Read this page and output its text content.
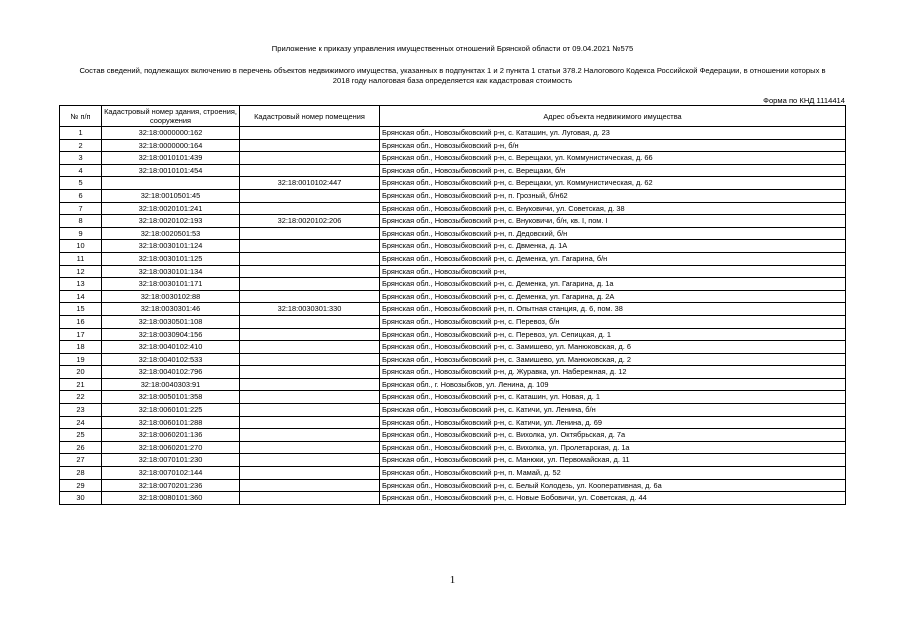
Приложение к приказу управления имущественных отношений Брянской области от 09.04.2021 №575
Состав сведений, подлежащих включению в перечень объектов недвижимого имущества, указанных в подпунктах 1 и 2 пункта 1 статьи 378.2 Налогового Кодекса Российской Федерации, в отношении которых в 2018 году налоговая база определяется как кадастровая стоимость
Форма по КНД 1114414
№ п/п	Кадастровый номер здания, строения, сооружения	Кадастровый номер помещения	Адрес объекта недвижимого имущества
1	32:18:0000000:162		Брянская обл., Новозыбковский р-н, с. Каташин, ул. Луговая, д. 23
2	32:18:0000000:164		Брянская обл., Новозыбковский р-н, б/н
3	32:18:0010101:439		Брянская обл., Новозыбковский р-н, с. Верещаки, ул. Коммунистическая, д. 66
4	32:18:0010101:454		Брянская обл., Новозыбковский р-н, с. Верещаки, б/н
5		32:18:0010102:447	Брянская обл., Новозыбковский р-н, с. Верещаки, ул. Коммунистическая, д. 62
6	32:18:0010501:45		Брянская обл., Новозыбковский р-н, п. Грозный, б/н62
7	32:18:0020101:241		Брянская обл., Новозыбковский р-н, с. Внуковичи, ул. Советская, д. 38
8	32:18:0020102:193	32:18:0020102:206	Брянская обл., Новозыбковский р-н, с. Внуковичи, б/н, кв. I, пом. I
9	32:18:0020501:53		Брянская обл., Новозыбковский р-н, п. Дедовский, б/н
10	32:18:0030101:124		Брянская обл., Новозыбковский р-н, с. Двменка, д. 1А
11	32:18:0030101:125		Брянская обл., Новозыбковский р-н, с. Деменка, ул. Гагарина, б/н
12	32:18:0030101:134		Брянская обл., Новозыбковский р-н,
13	32:18:0030101:171		Брянская обл., Новозыбковский р-н, с. Деменка, ул. Гагарина, д. 1а
14	32:18:0030102:88		Брянская обл., Новозыбковский р-н, с. Деменка, ул. Гагарина, д. 2А
15	32:18:0030301:46	32:18:0030301:330	Брянская обл., Новозыбковский р-н, п. Опытная станция, д. 6, пом. 38
16	32:18:0030501:108		Брянская обл., Новозыбковский р-н, с. Перевоз, б/н
17	32:18:0030904:156		Брянская обл., Новозыбковский р-н, с. Перевоз, ул. Сепицкая, д. 1
18	32:18:0040102:410		Брянская обл., Новозыбковский р-н, с. Замишево, ул. Манюковская, д. 6
19	32:18:0040102:533		Брянская обл., Новозыбковский р-н, с. Замишево, ул. Манюковская, д. 2
20	32:18:0040102:796		Брянская обл., Новозыбковский р-н, д. Журавка, ул. Набережная, д. 12
21	32:18:0040303:91		Брянская обл., г. Новозыбков, ул. Ленина, д. 109
22	32:18:0050101:358		Брянская обл., Новозыбковский р-н, с. Каташин, ул. Новая, д. 1
23	32:18:0060101:225		Брянская обл., Новозыбковский р-н, с. Катичи, ул. Ленина, б/н
24	32:18:0060101:288		Брянская обл., Новозыбковский р-н, с. Катичи, ул. Ленина, д. 69
25	32:18:0060201:136		Брянская обл., Новозыбковский р-н, с. Вихолка, ул. Октябрьская, д. 7а
26	32:18:0060201:270		Брянская обл., Новозыбковский р-н, с. Вихолка, ул. Пролетарская, д. 1а
27	32:18:0070101:230		Брянская обл., Новозыбковский р-н, с. Манюки, ул. Первомайская, д. 11
28	32:18:0070102:144		Брянская обл., Новозыбковский р-н, п. Мамай, д. 52
29	32:18:0070201:236		Брянская обл., Новозыбковский р-н, с. Белый Колодезь, ул. Кооперативная, д. 6а
30	32:18:0080101:360		Брянская обл., Новозыбковский р-н, с. Новые Бобовичи, ул. Советская, д. 44
1
